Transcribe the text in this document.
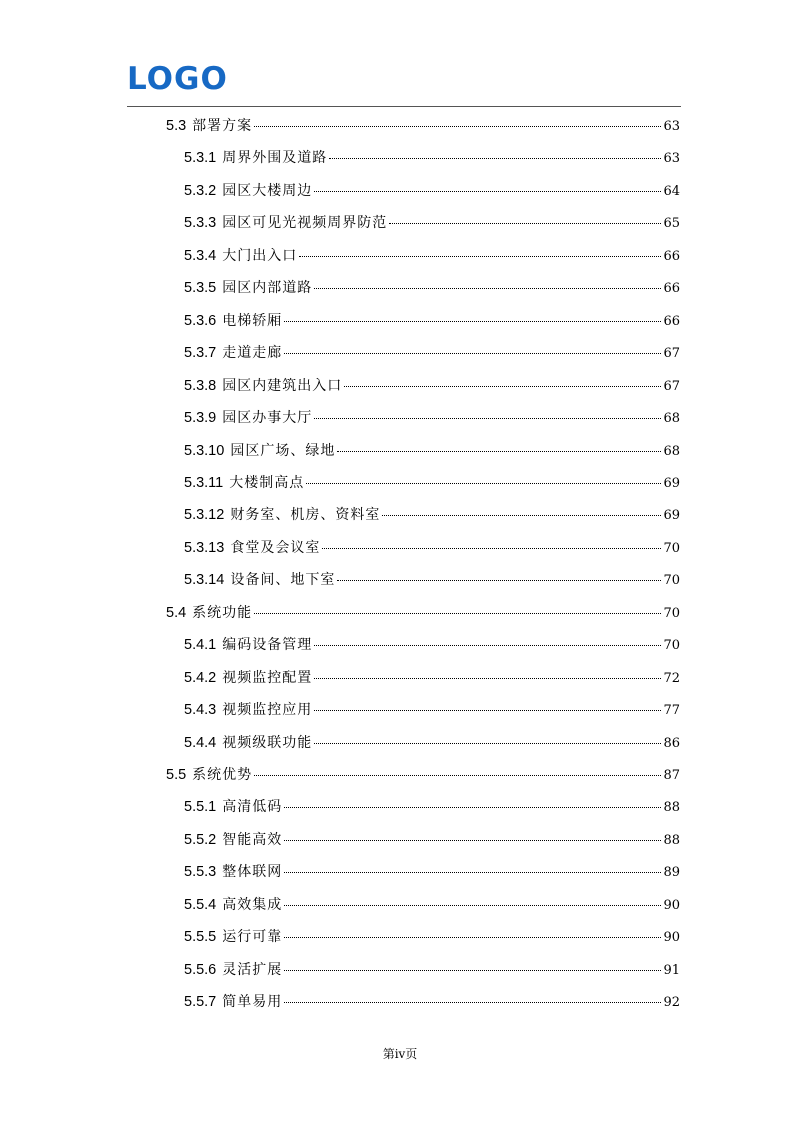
LOGO
5.3 部署方案	63
5.3.1 周界外围及道路	63
5.3.2 园区大楼周边	64
5.3.3 园区可见光视频周界防范	65
5.3.4 大门出入口	66
5.3.5 园区内部道路	66
5.3.6 电梯轿厢	66
5.3.7 走道走廊	67
5.3.8 园区内建筑出入口	67
5.3.9 园区办事大厅	68
5.3.10 园区广场、绿地	68
5.3.11 大楼制高点	69
5.3.12 财务室、机房、资料室	69
5.3.13 食堂及会议室	70
5.3.14 设备间、地下室	70
5.4 系统功能	70
5.4.1 编码设备管理	70
5.4.2 视频监控配置	72
5.4.3 视频监控应用	77
5.4.4 视频级联功能	86
5.5 系统优势	87
5.5.1 高清低码	88
5.5.2 智能高效	88
5.5.3 整体联网	89
5.5.4 高效集成	90
5.5.5 运行可靠	90
5.5.6 灵活扩展	91
5.5.7 简单易用	92
第iv页
